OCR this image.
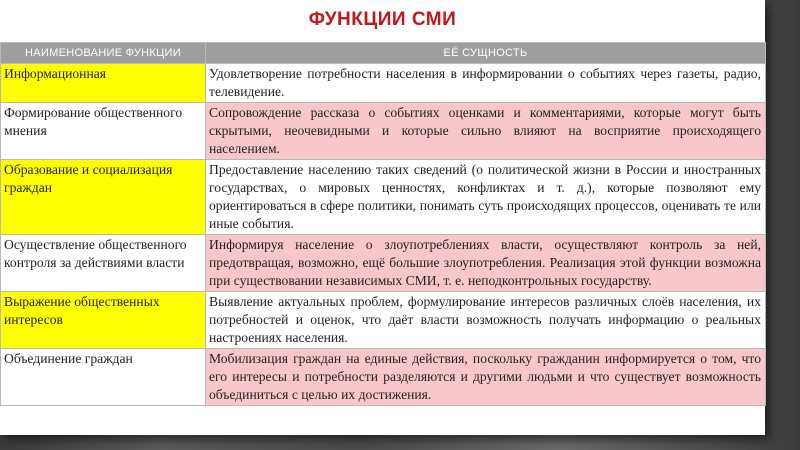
ФУНКЦИИ СМИ
НАИМЕНОВАНИЕ ФУНКЦИИ	ЕЁ СУЩНОСТЬ
Информационная	Удовлетворение потребности населения в информировании о событиях через газеты, радио, телевидение.
Формирование общественного мнения	Сопровождение рассказа о событиях оценками и комментариями, которые могут быть скрытыми, неочевидными и которые сильно влияют на восприятие происходящего населением.
Образование и социализация граждан	Предоставление населению таких сведений (о политической жизни в России и иностранных государствах, о мировых ценностях, конфликтах и т. д.), которые позволяют ему ориентироваться в сфере политики, понимать суть происходящих процессов, оценивать те или иные события.
Осуществление общественного контроля за действиями власти	Информируя население о злоупотреблениях власти, осуществляют контроль за ней, предотвращая, возможно, ещё большие злоупотребления. Реализация этой функции возможна при существовании независимых СМИ, т. е. неподконтрольных государству.
Выражение общественных интересов	Выявление актуальных проблем, формулирование интересов различных слоёв населения, их потребностей и оценок, что даёт власти возможность получать информацию о реальных настроениях населения.
Объединение граждан	Мобилизация граждан на единые действия, поскольку гражданин информируется о том, что его интересы и потребности разделяются и другими людьми и что существует возможность объединиться с целью их достижения.
